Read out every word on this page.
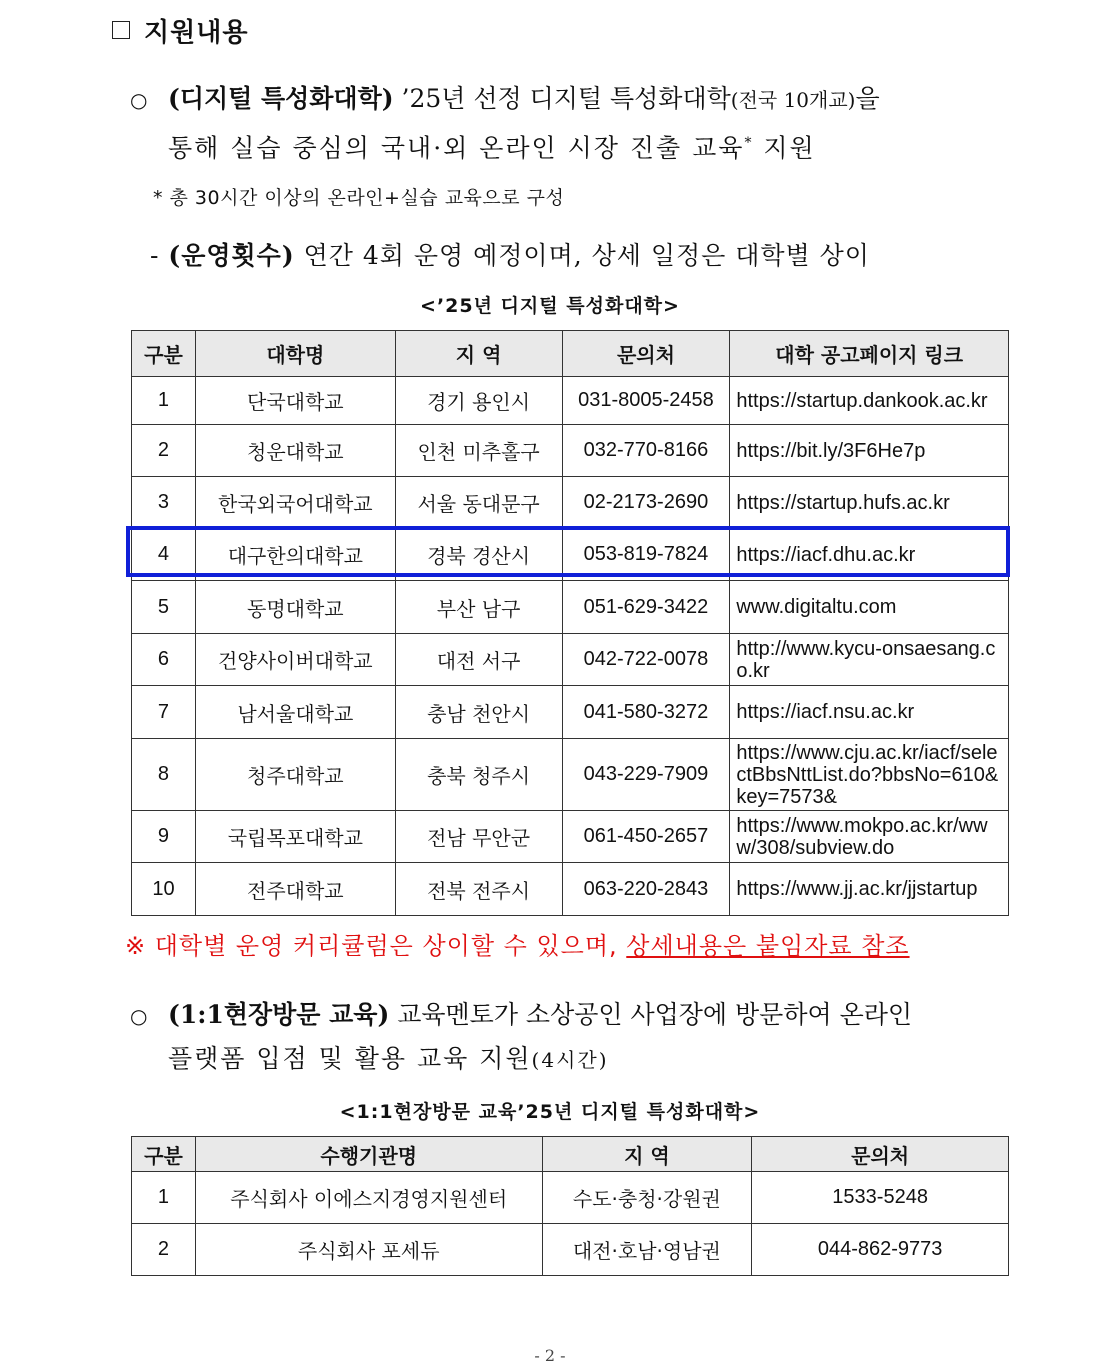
지원내용
○ (디지털 특성화대학) ’25년 선정 디지털 특성화대학(전국 10개교)을
통해 실습 중심의 국내·외 온라인 시장 진출 교육* 지원
* 총 30시간 이상의 온라인+실습 교육으로 구성
- (운영횟수) 연간 4회 운영 예정이며, 상세 일정은 대학별 상이
<’25년 디지털 특성화대학>
구분	대학명	지 역	문의처	대학 공고페이지 링크
1	단국대학교	경기 용인시	031-8005-2458	https://startup.dankook.ac.kr
2	청운대학교	인천 미추홀구	032-770-8166	https://bit.ly/3F6He7p
3	한국외국어대학교	서울 동대문구	02-2173-2690	https://startup.hufs.ac.kr
4	대구한의대학교	경북 경산시	053-819-7824	https://iacf.dhu.ac.kr
5	동명대학교	부산 남구	051-629-3422	www.digitaltu.com
6	건양사이버대학교	대전 서구	042-722-0078	http://www.kycu-onsaesang.co.kr
7	남서울대학교	충남 천안시	041-580-3272	https://iacf.nsu.ac.kr
8	청주대학교	충북 청주시	043-229-7909	https://www.cju.ac.kr/iacf/selectBbsNttList.do?bbsNo=610&key=7573&
9	국립목포대학교	전남 무안군	061-450-2657	https://www.mokpo.ac.kr/www/308/subview.do
10	전주대학교	전북 전주시	063-220-2843	https://www.jj.ac.kr/jjstartup
※ 대학별 운영 커리큘럼은 상이할 수 있으며, 상세내용은 붙임자료 참조
○ (1:1현장방문 교육) 교육멘토가 소상공인 사업장에 방문하여 온라인
플랫폼 입점 및 활용 교육 지원(4시간)
<1:1현장방문 교육’25년 디지털 특성화대학>
구분	수행기관명	지 역	문의처
1	주식회사 이에스지경영지원센터	수도·충청·강원권	1533-5248
2	주식회사 포세듀	대전·호남·영남권	044-862-9773
- 2 -
